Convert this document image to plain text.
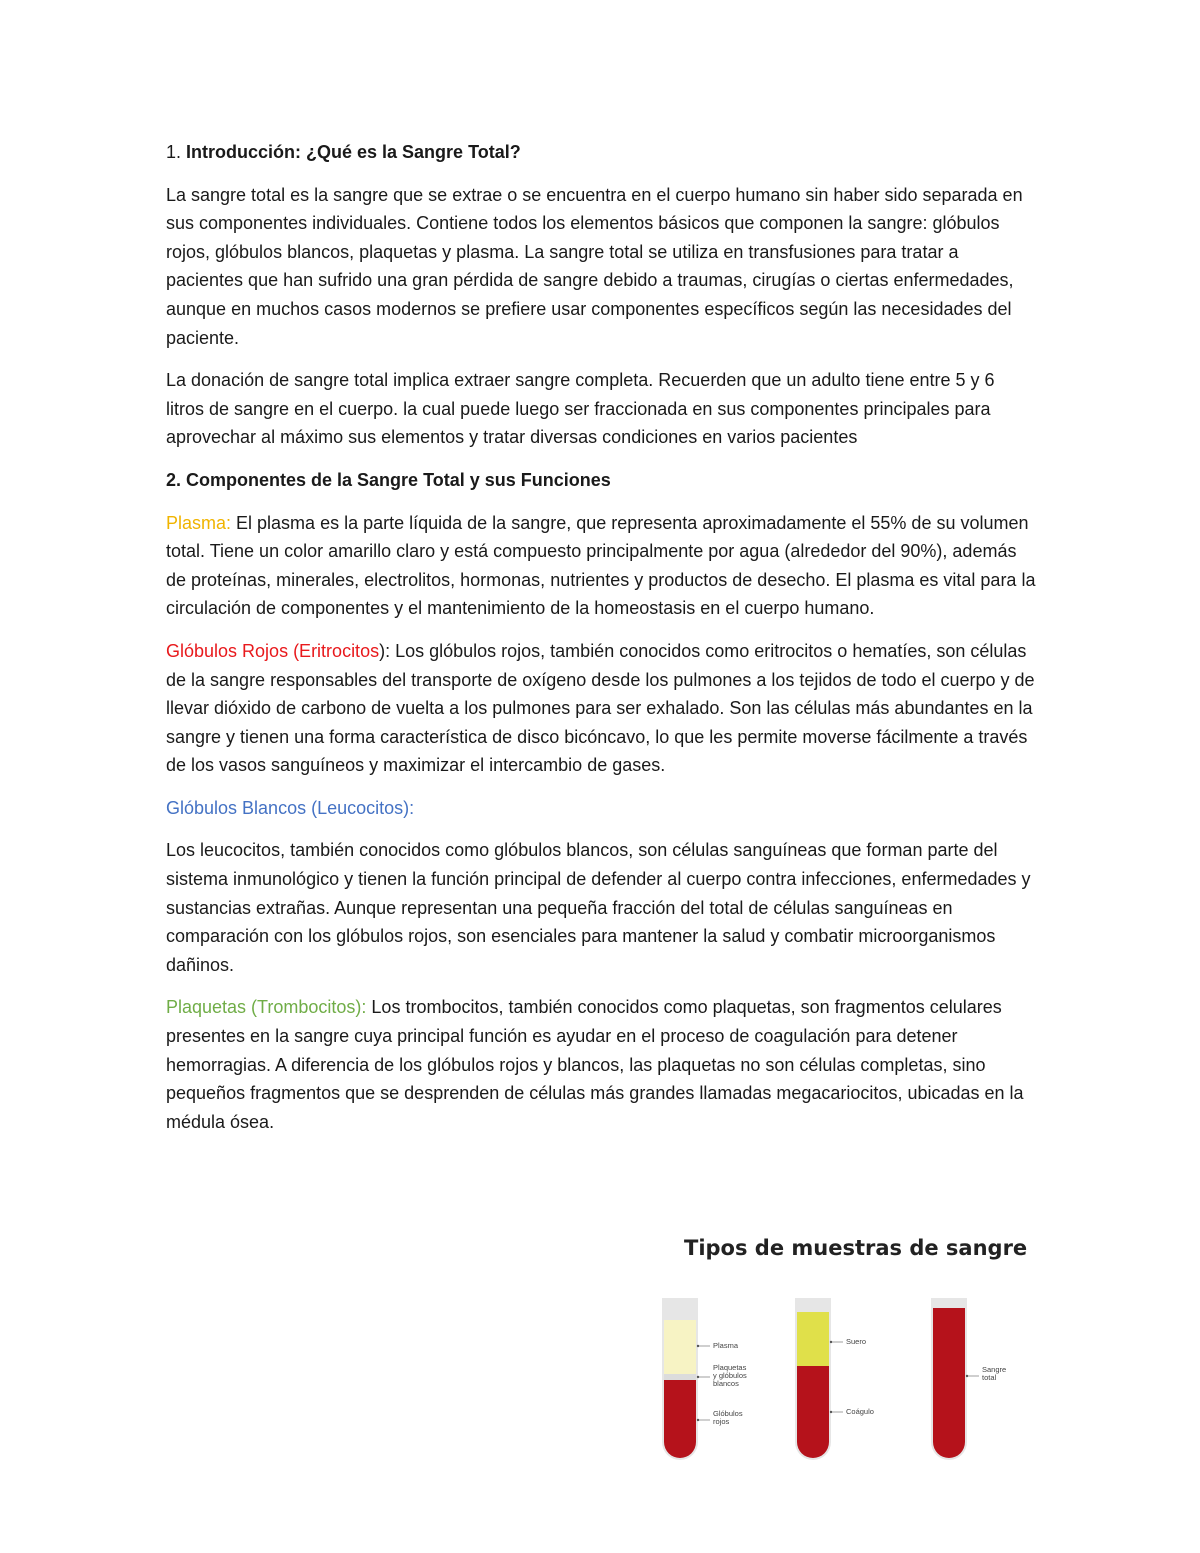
1. Introducción: ¿Qué es la Sangre Total?

La sangre total es la sangre que se extrae o se encuentra en el cuerpo humano sin haber sido separada en sus componentes individuales. Contiene todos los elementos básicos que componen la sangre: glóbulos rojos, glóbulos blancos, plaquetas y plasma. La sangre total se utiliza en transfusiones para tratar a pacientes que han sufrido una gran pérdida de sangre debido a traumas, cirugías o ciertas enfermedades, aunque en muchos casos modernos se prefiere usar componentes específicos según las necesidades del paciente.

La donación de sangre total implica extraer sangre completa. Recuerden que un adulto tiene entre 5 y 6 litros de sangre en el cuerpo. la cual puede luego ser fraccionada en sus componentes principales para aprovechar al máximo sus elementos y tratar diversas condiciones en varios pacientes

2. Componentes de la Sangre Total y sus Funciones

Plasma: El plasma es la parte líquida de la sangre, que representa aproximadamente el 55% de su volumen total. Tiene un color amarillo claro y está compuesto principalmente por agua (alrededor del 90%), además de proteínas, minerales, electrolitos, hormonas, nutrientes y productos de desecho. El plasma es vital para la circulación de componentes y el mantenimiento de la homeostasis en el cuerpo humano.

Glóbulos Rojos (Eritrocitos): Los glóbulos rojos, también conocidos como eritrocitos o hematíes, son células de la sangre responsables del transporte de oxígeno desde los pulmones a los tejidos de todo el cuerpo y de llevar dióxido de carbono de vuelta a los pulmones para ser exhalado. Son las células más abundantes en la sangre y tienen una forma característica de disco bicóncavo, lo que les permite moverse fácilmente a través de los vasos sanguíneos y maximizar el intercambio de gases.

Glóbulos Blancos (Leucocitos):

Los leucocitos, también conocidos como glóbulos blancos, son células sanguíneas que forman parte del sistema inmunológico y tienen la función principal de defender al cuerpo contra infecciones, enfermedades y sustancias extrañas. Aunque representan una pequeña fracción del total de células sanguíneas en comparación con los glóbulos rojos, son esenciales para mantener la salud y combatir microorganismos dañinos.

Plaquetas (Trombocitos): Los trombocitos, también conocidos como plaquetas, son fragmentos celulares presentes en la sangre cuya principal función es ayudar en el proceso de coagulación para detener hemorragias. A diferencia de los glóbulos rojos y blancos, las plaquetas no son células completas, sino pequeños fragmentos que se desprenden de células más grandes llamadas megacariocitos, ubicadas en la médula ósea.

Tipos de muestras de sangre
Plasma
Plaquetas
y glóbulos
blancos
Glóbulos
rojos
Suero
Coágulo
Sangre
total
